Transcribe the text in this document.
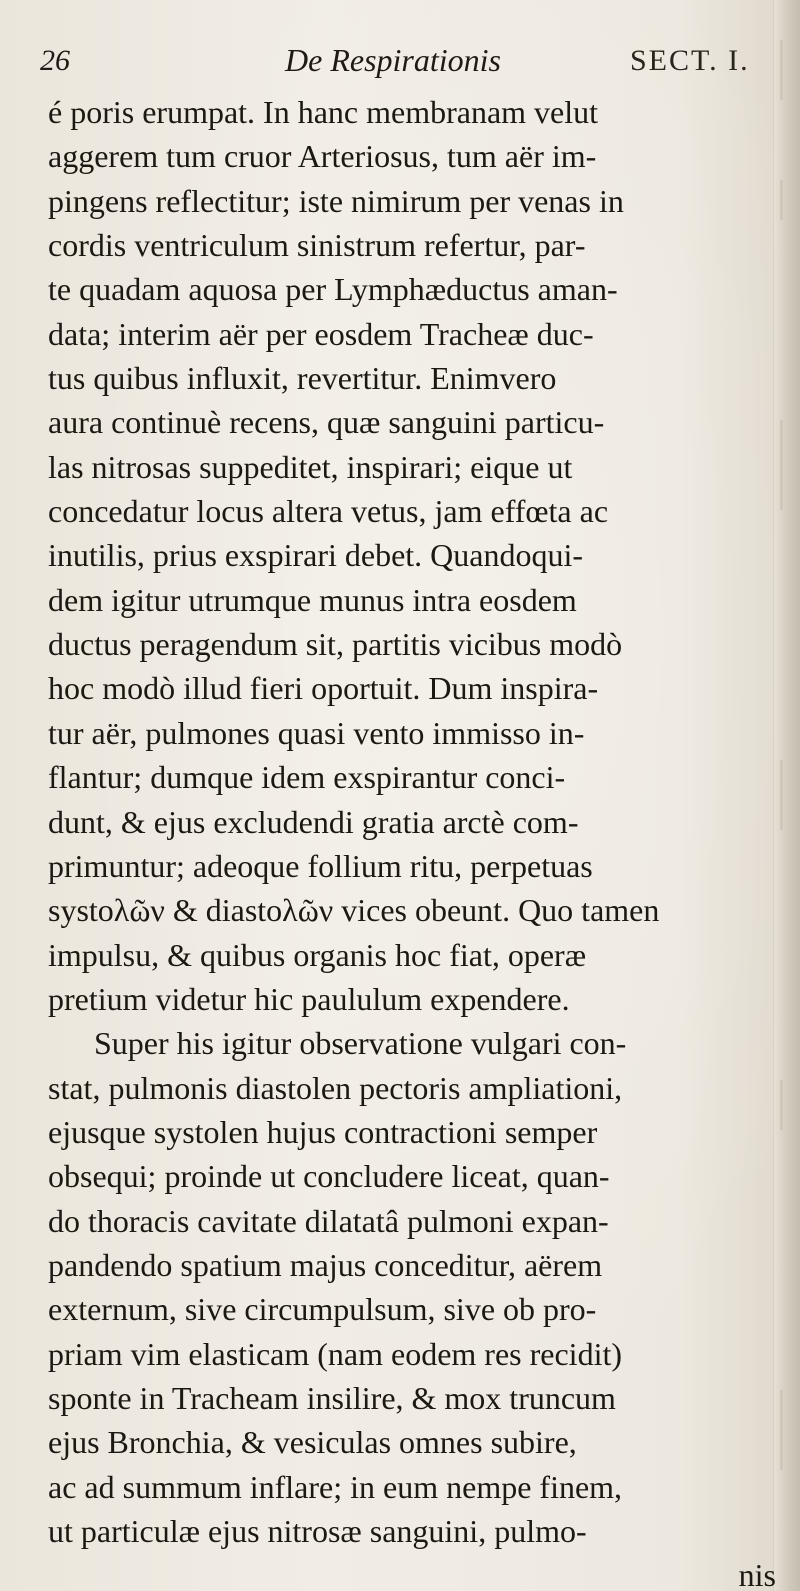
26	De Respirationis	SECT. I.
é poris erumpat. In hanc membranam velut
aggerem tum cruor Arteriosus, tum aër im-
pingens reflectitur; iste nimirum per venas in
cordis ventriculum sinistrum refertur, par-
te quadam aquosa per Lymphæductus aman-
data; interim aër per eosdem Tracheæ duc-
tus quibus influxit, revertitur. Enimvero
aura continuè recens, quæ sanguini particu-
las nitrosas suppeditet, inspirari; eique ut
concedatur locus altera vetus, jam effœta ac
inutilis, prius exspirari debet. Quandoqui-
dem igitur utrumque munus intra eosdem
ductus peragendum sit, partitis vicibus modò
hoc modò illud fieri oportuit. Dum inspira-
tur aër, pulmones quasi vento immisso in-
flantur; dumque idem exspirantur conci-
dunt, & ejus excludendi gratia arctè com-
primuntur; adeoque follium ritu, perpetuas
systoλῶν & diastoλῶν vices obeunt. Quo tamen
impulsu, & quibus organis hoc fiat, operæ
pretium videtur hic paululum expendere.
Super his igitur observatione vulgari con-
stat, pulmonis diastolen pectoris ampliationi,
ejusque systolen hujus contractioni semper
obsequi; proinde ut concludere liceat, quan-
do thoracis cavitate dilatatâ pulmoni expan-
pandendo spatium majus conceditur, aërem
externum, sive circumpulsum, sive ob pro-
priam vim elasticam (nam eodem res recidit)
sponte in Tracheam insilire, & mox truncum
ejus Bronchia, & vesiculas omnes subire,
ac ad summum inflare; in eum nempe finem,
ut particulæ ejus nitrosæ sanguini, pulmo-
nis
